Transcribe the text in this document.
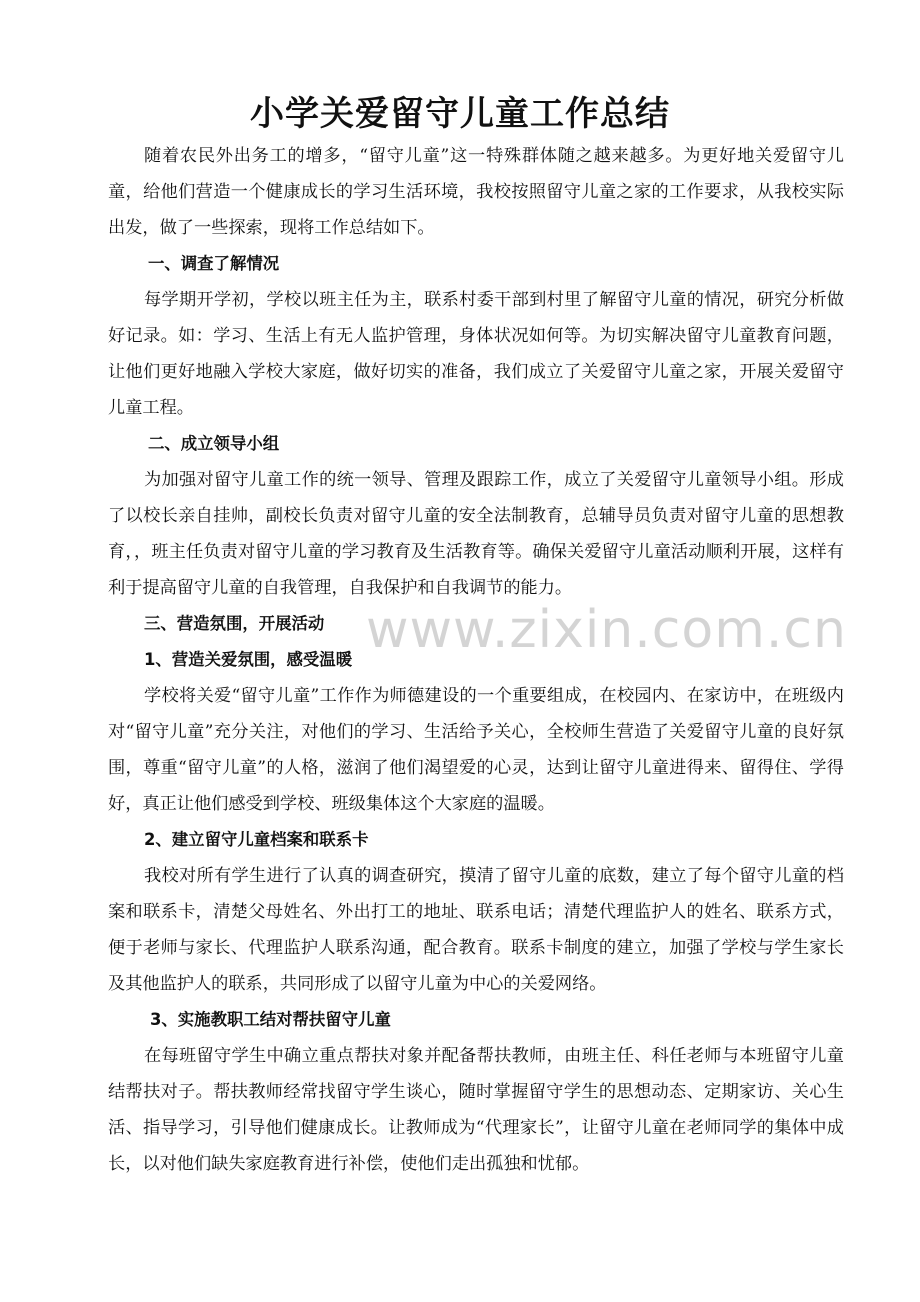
小学关爱留守儿童工作总结

随着农民外出务工的增多，“留守儿童”这一特殊群体随之越来越多。为更好地关爱留守儿童，给他们营造一个健康成长的学习生活环境，我校按照留守儿童之家的工作要求，从我校实际出发，做了一些探索，现将工作总结如下。

一、调查了解情况

每学期开学初，学校以班主任为主，联系村委干部到村里了解留守儿童的情况，研究分析做好记录。如：学习、生活上有无人监护管理，身体状况如何等。为切实解决留守儿童教育问题，让他们更好地融入学校大家庭，做好切实的准备，我们成立了关爱留守儿童之家，开展关爱留守儿童工程。

二、成立领导小组

为加强对留守儿童工作的统一领导、管理及跟踪工作，成立了关爱留守儿童领导小组。形成了以校长亲自挂帅，副校长负责对留守儿童的安全法制教育，总辅导员负责对留守儿童的思想教育，，班主任负责对留守儿童的学习教育及生活教育等。确保关爱留守儿童活动顺利开展，这样有利于提高留守儿童的自我管理，自我保护和自我调节的能力。

三、营造氛围，开展活动
1、营造关爱氛围，感受温暖

学校将关爱“留守儿童”工作作为师德建设的一个重要组成，在校园内、在家访中，在班级内对“留守儿童”充分关注，对他们的学习、生活给予关心，全校师生营造了关爱留守儿童的良好氛围，尊重“留守儿童”的人格，滋润了他们渴望爱的心灵，达到让留守儿童进得来、留得住、学得好，真正让他们感受到学校、班级集体这个大家庭的温暖。

2、建立留守儿童档案和联系卡

我校对所有学生进行了认真的调查研究，摸清了留守儿童的底数，建立了每个留守儿童的档案和联系卡，清楚父母姓名、外出打工的地址、联系电话；清楚代理监护人的姓名、联系方式，便于老师与家长、代理监护人联系沟通，配合教育。联系卡制度的建立，加强了学校与学生家长及其他监护人的联系，共同形成了以留守儿童为中心的关爱网络。

3、实施教职工结对帮扶留守儿童

在每班留守学生中确立重点帮扶对象并配备帮扶教师，由班主任、科任老师与本班留守儿童结帮扶对子。帮扶教师经常找留守学生谈心，随时掌握留守学生的思想动态、定期家访、关心生活、指导学习，引导他们健康成长。让教师成为“代理家长”，让留守儿童在老师同学的集体中成长，以对他们缺失家庭教育进行补偿，使他们走出孤独和忧郁。

www.zixin.com.cn
